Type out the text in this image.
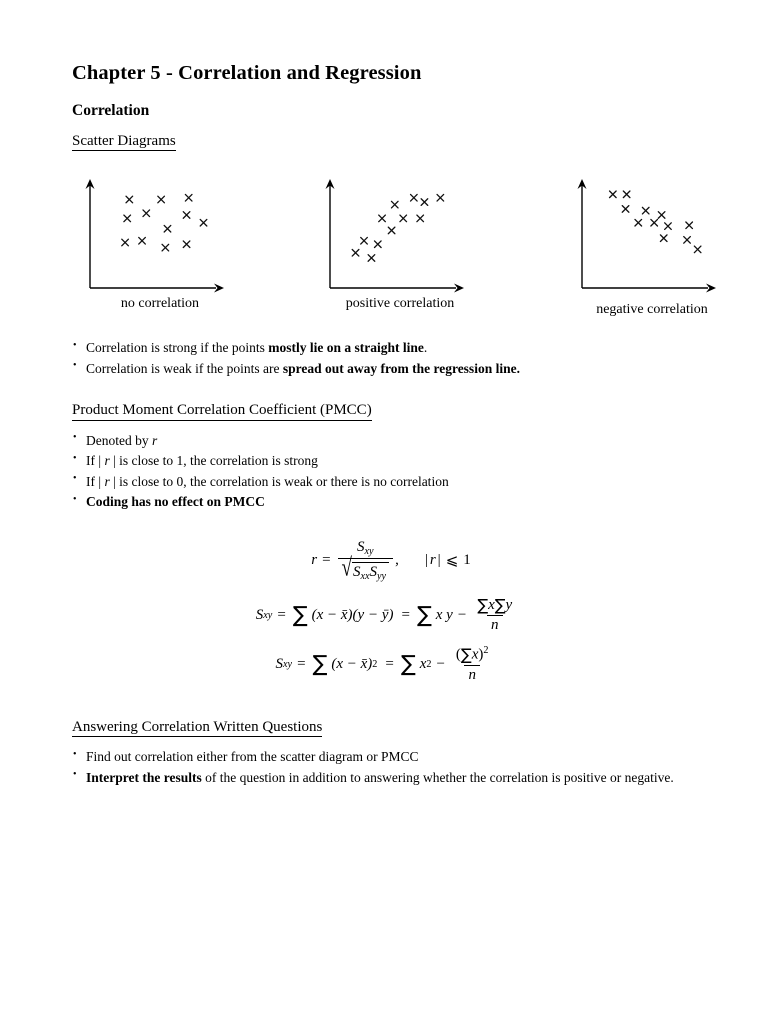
Chapter 5 - Correlation and Regression
Correlation
Scatter Diagrams
no correlation	positive correlation	negative correlation
• Correlation is strong if the points mostly lie on a straight line.
• Correlation is weak if the points are spread out away from the regression line.
Product Moment Correlation Coefficient (PMCC)
• Denoted by r
• If | r | is close to 1, the correlation is strong
• If | r | is close to 0, the correlation is weak or there is no correlation
• Coding has no effect on PMCC
$r = \frac{S_{xy}}{√ S_{xx}S_{yy}}$ , | r | ⩽ 1
S xy = ∑ (x − x̄)(y − ȳ) = ∑ x $y - \frac{\sum x\sum y}{n}$
S xy = ∑ (x − x̄) 2 = ∑ x $2 - \frac{(\sum x)^2}{n}$
Answering Correlation Written Questions
• Find out correlation either from the scatter diagram or PMCC
• Interpret the results of the question in addition to answering whether the correlation is positive or negative.
